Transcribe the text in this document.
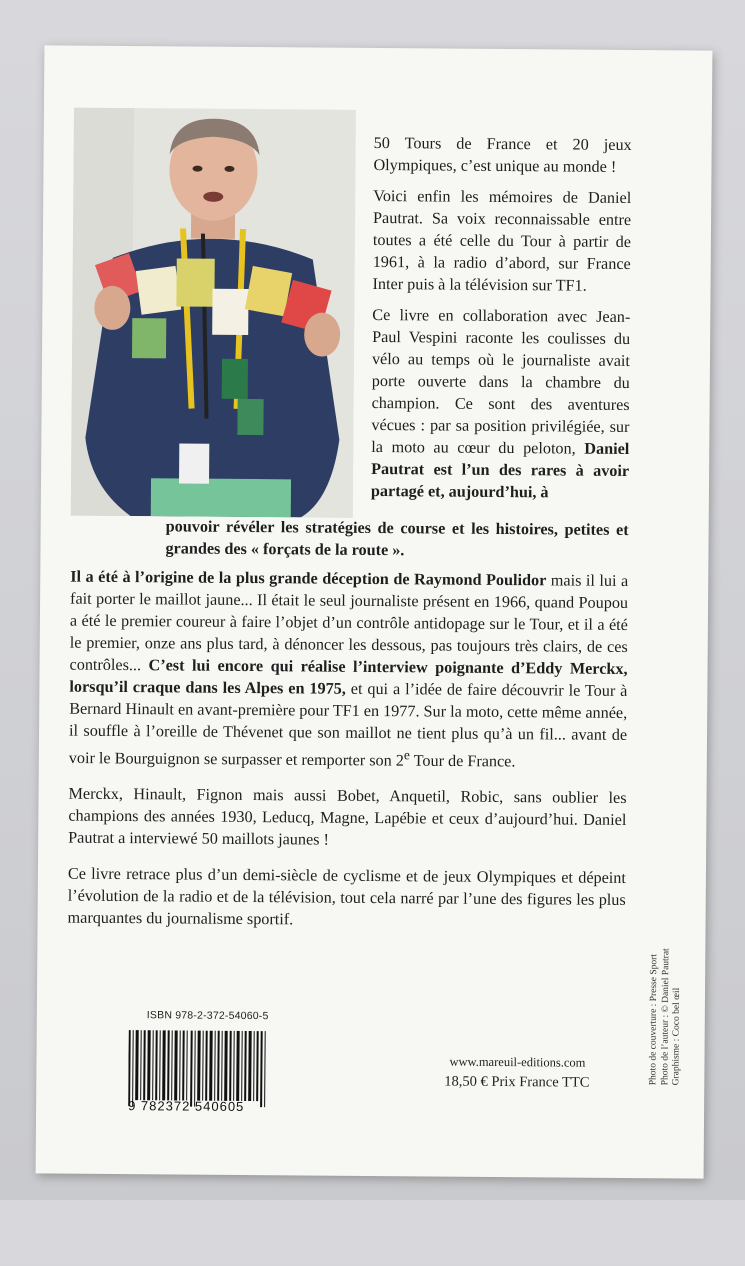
50 Tours de France et 20 jeux Olympiques, c’est unique au monde !

Voici enfin les mémoires de Daniel Pautrat. Sa voix reconnaissable entre toutes a été celle du Tour à partir de 1961, à la radio d’abord, sur France Inter puis à la télévision sur TF1.

Ce livre en collaboration avec Jean-Paul Vespini raconte les coulisses du vélo au temps où le journaliste avait porte ouverte dans la chambre du champion. Ce sont des aventures vécues : par sa position privilégiée, sur la moto au cœur du peloton, Daniel Pautrat est l’un des rares à avoir partagé et, aujourd’hui, à

pouvoir révéler les stratégies de course et les histoires, petites et grandes des « forçats de la route ».

Il a été à l’origine de la plus grande déception de Raymond Poulidor mais il lui a fait porter le maillot jaune... Il était le seul journaliste présent en 1966, quand Poupou a été le premier coureur à faire l’objet d’un contrôle antidopage sur le Tour, et il a été le premier, onze ans plus tard, à dénoncer les dessous, pas toujours très clairs, de ces contrôles... C’est lui encore qui réalise l’interview poignante d’Eddy Merckx, lorsqu’il craque dans les Alpes en 1975, et qui a l’idée de faire découvrir le Tour à Bernard Hinault en avant-première pour TF1 en 1977. Sur la moto, cette même année, il souffle à l’oreille de Thévenet que son maillot ne tient plus qu’à un fil... avant de voir le Bourguignon se surpasser et remporter son 2e Tour de France.

Merckx, Hinault, Fignon mais aussi Bobet, Anquetil, Robic, sans oublier les champions des années 1930, Leducq, Magne, Lapébie et ceux d’aujourd’hui. Daniel Pautrat a interviewé 50 maillots jaunes !

Ce livre retrace plus d’un demi-siècle de cyclisme et de jeux Olympiques et dépeint l’évolution de la radio et de la télévision, tout cela narré par l’une des figures les plus marquantes du journalisme sportif.

ISBN 978-2-372-54060-5
9 782372 540605
www.mareuil-editions.com
18,50 € Prix France TTC	Photo de couverture : Presse Sport Photo de l’auteur : © Daniel Pautrat Graphisme : Coco bel œil
